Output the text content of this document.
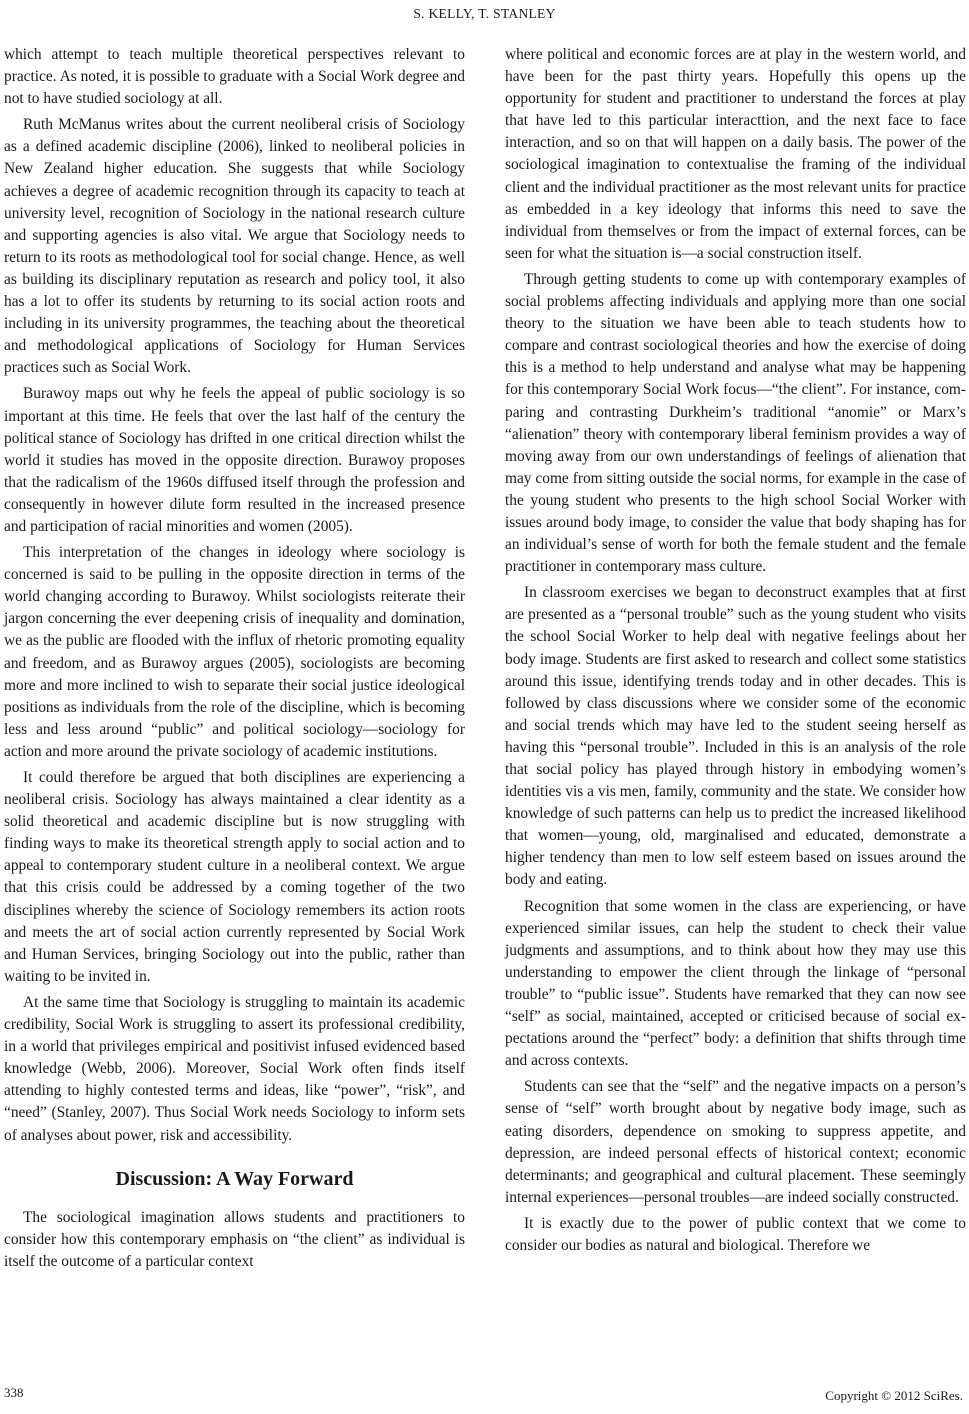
S. KELLY, T. STANLEY

which attempt to teach multiple theoretical perspectives relevant to practice. As noted, it is possible to graduate with a Social Work degree and not to have studied sociology at all.

Ruth McManus writes about the current neoliberal crisis of Sociology as a defined academic discipline (2006), linked to neoliberal policies in New Zealand higher education. She suggests that while Sociology achieves a degree of academic recognition through its capacity to teach at university level, recognition of Sociology in the national research culture and supporting agencies is also vital. We argue that Sociology needs to return to its roots as methodological tool for social change. Hence, as well as building its disciplinary reputation as research and policy tool, it also has a lot to offer its students by returning to its social action roots and including in its university programmes, the teaching about the theoretical and methodological applications of Sociology for Human Services practices such as Social Work.

Burawoy maps out why he feels the appeal of public sociology is so important at this time. He feels that over the last half of the century the political stance of Sociology has drifted in one critical direction whilst the world it studies has moved in the opposite direction. Burawoy proposes that the radicalism of the 1960s diffused itself through the profession and consequently in however dilute form resulted in the increased presence and participation of racial minorities and women (2005).

This interpretation of the changes in ideology where sociology is concerned is said to be pulling in the opposite direction in terms of the world changing according to Burawoy. Whilst sociologists reiterate their jargon concerning the ever deepening crisis of inequality and domination, we as the public are flooded with the influx of rhetoric promoting equality and freedom, and as Burawoy argues (2005), sociologists are becoming more and more inclined to wish to separate their social justice ideological positions as individuals from the role of the discipline, which is becoming less and less around “public” and political sociology—sociology for action and more around the private sociology of academic institutions.

It could therefore be argued that both disciplines are experiencing a neoliberal crisis. Sociology has always maintained a clear identity as a solid theoretical and academic discipline but is now struggling with finding ways to make its theoretical strength apply to social action and to appeal to contemporary student culture in a neoliberal context. We argue that this crisis could be addressed by a coming together of the two disciplines whereby the science of Sociology remembers its action roots and meets the art of social action currently represented by Social Work and Human Services, bringing Sociology out into the public, rather than waiting to be invited in.

At the same time that Sociology is struggling to maintain its academic credibility, Social Work is struggling to assert its professional credibility, in a world that privileges empirical and positivist infused evidenced based knowledge (Webb, 2006). Moreover, Social Work often finds itself attending to highly contested terms and ideas, like “power”, “risk”, and “need” (Stanley, 2007). Thus Social Work needs Sociology to inform sets of analyses about power, risk and accessibility.

Discussion: A Way Forward

The sociological imagination allows students and practitioners to consider how this contemporary emphasis on “the client” as individual is itself the outcome of a particular context

where political and economic forces are at play in the western world, and have been for the past thirty years. Hopefully this opens up the opportunity for student and practitioner to understand the forces at play that have led to this particular interacttion, and the next face to face interaction, and so on that will happen on a daily basis. The power of the sociological imagination to contextualise the framing of the individual client and the individual practitioner as the most relevant units for practice as embedded in a key ideology that informs this need to save the individual from themselves or from the impact of external forces, can be seen for what the situation is—a social construction itself.

Through getting students to come up with contemporary examples of social problems affecting individuals and applying more than one social theory to the situation we have been able to teach students how to compare and contrast sociological theories and how the exercise of doing this is a method to help understand and analyse what may be happening for this contemporary Social Work focus—“the client”. For instance, comparing and contrasting Durkheim’s traditional “anomie” or Marx’s “alienation” theory with contemporary liberal feminism provides a way of moving away from our own understandings of feelings of alienation that may come from sitting outside the social norms, for example in the case of the young student who presents to the high school Social Worker with issues around body image, to consider the value that body shaping has for an individual’s sense of worth for both the female student and the female practitioner in contemporary mass culture.

In classroom exercises we began to deconstruct examples that at first are presented as a “personal trouble” such as the young student who visits the school Social Worker to help deal with negative feelings about her body image. Students are first asked to research and collect some statistics around this issue, identifying trends today and in other decades. This is followed by class discussions where we consider some of the economic and social trends which may have led to the student seeing herself as having this “personal trouble”. Included in this is an analysis of the role that social policy has played through history in embodying women’s identities vis a vis men, family, community and the state. We consider how knowledge of such patterns can help us to predict the increased likelihood that women—young, old, marginalised and educated, demonstrate a higher tendency than men to low self esteem based on issues around the body and eating.

Recognition that some women in the class are experiencing, or have experienced similar issues, can help the student to check their value judgments and assumptions, and to think about how they may use this understanding to empower the client through the linkage of “personal trouble” to “public issue”. Students have remarked that they can now see “self” as social, maintained, accepted or criticised because of social expectations around the “perfect” body: a definition that shifts through time and across contexts.

Students can see that the “self” and the negative impacts on a person’s sense of “self” worth brought about by negative body image, such as eating disorders, dependence on smoking to suppress appetite, and depression, are indeed personal effects of historical context; economic determinants; and geographical and cultural placement. These seemingly internal experiences—personal troubles—are indeed socially constructed.

It is exactly due to the power of public context that we come to consider our bodies as natural and biological. Therefore we

338	Copyright © 2012 SciRes.
